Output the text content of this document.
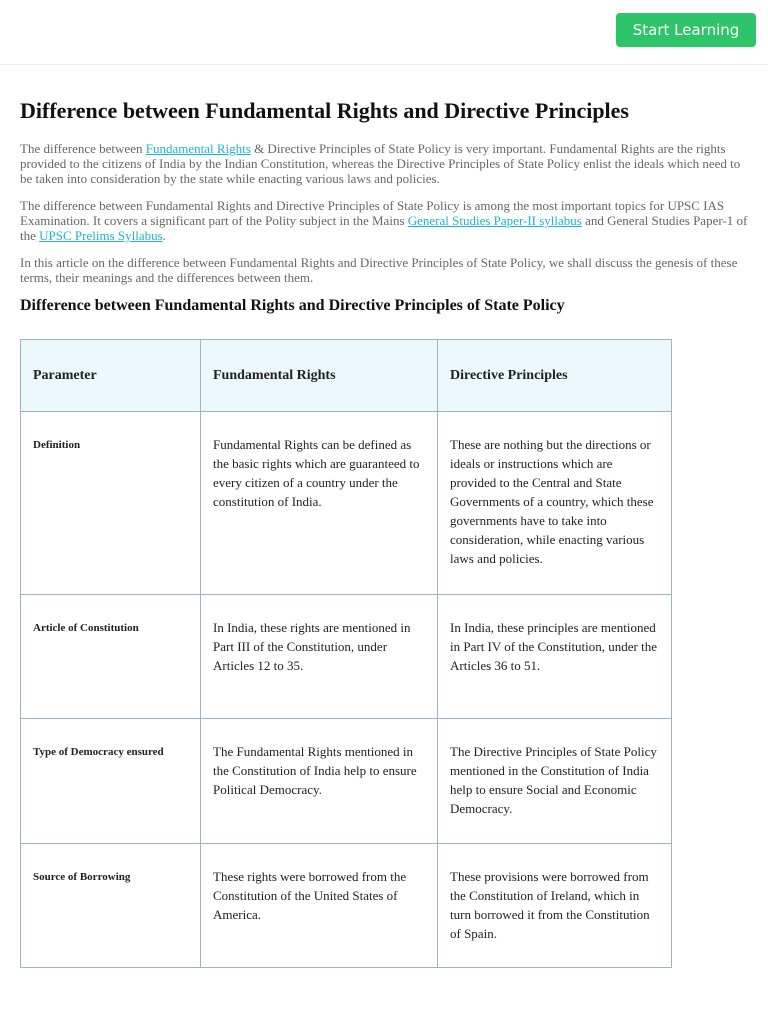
Start Learning
Difference between Fundamental Rights and Directive Principles

The difference between Fundamental Rights & Directive Principles of State Policy is very important. Fundamental Rights are the rights provided to the citizens of India by the Indian Constitution, whereas the Directive Principles of State Policy enlist the ideals which need to be taken into consideration by the state while enacting various laws and policies.

The difference between Fundamental Rights and Directive Principles of State Policy is among the most important topics for UPSC IAS Examination. It covers a significant part of the Polity subject in the Mains General Studies Paper-II syllabus and General Studies Paper-1 of the UPSC Prelims Syllabus.

In this article on the difference between Fundamental Rights and Directive Principles of State Policy, we shall discuss the genesis of these terms, their meanings and the differences between them.

Difference between Fundamental Rights and Directive Principles of State Policy
Parameter	Fundamental Rights	Directive Principles
Definition	Fundamental Rights can be defined as the basic rights which are guaranteed to every citizen of a country under the constitution of India.	These are nothing but the directions or ideals or instructions which are provided to the Central and State Governments of a country, which these governments have to take into consideration, while enacting various laws and policies.
Article of Constitution	In India, these rights are mentioned in Part III of the Constitution, under Articles 12 to 35.	In India, these principles are mentioned in Part IV of the Constitution, under the Articles 36 to 51.
Type of Democracy ensured	The Fundamental Rights mentioned in the Constitution of India help to ensure Political Democracy.	The Directive Principles of State Policy mentioned in the Constitution of India help to ensure Social and Economic Democracy.
Source of Borrowing	These rights were borrowed from the Constitution of the United States of America.	These provisions were borrowed from the Constitution of Ireland, which in turn borrowed it from the Constitution of Spain.
